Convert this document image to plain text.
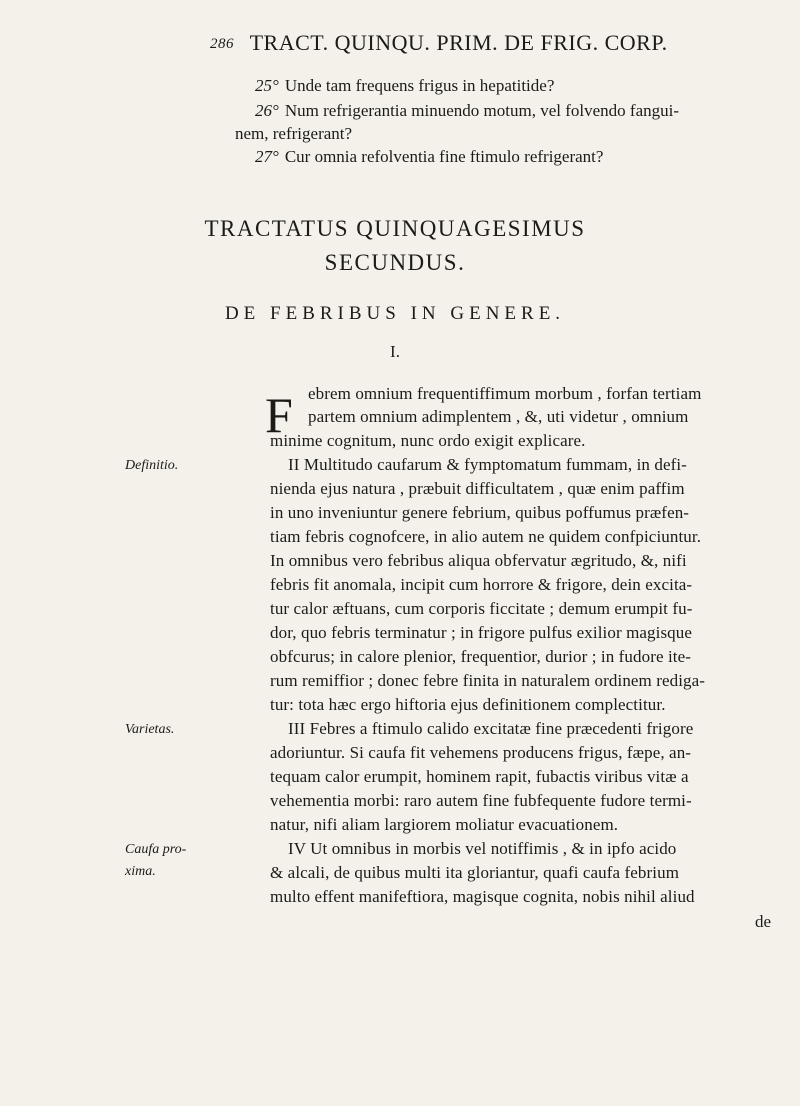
286 TRACT. QUINQU. PRIM. DE FRIG. CORP.
25° Unde tam frequens frigus in hepatitide?
26° Num refrigerantia minuendo motum, vel folvendo fangui-
nem, refrigerant?
27° Cur omnia refolventia fine ftimulo refrigerant?
TRACTATUS QUINQUAGESIMUS
SECUNDUS.
DE FEBRIBUS IN GENERE.
I.
F ebrem omnium frequentiffimum morbum , forfan tertiam
partem omnium adimplentem , &, uti videtur , omnium
minime cognitum, nunc ordo exigit explicare.
II Multitudo caufarum & fymptomatum fummam, in defi-
nienda ejus natura , præbuit difficultatem , quæ enim paffim
in uno inveniuntur genere febrium, quibus poffumus præfen-
tiam febris cognofcere, in alio autem ne quidem confpiciuntur.
In omnibus vero febribus aliqua obfervatur ægritudo, &, nifi
febris fit anomala, incipit cum horrore & frigore, dein excita-
tur calor æftuans, cum corporis ficcitate ; demum erumpit fu-
dor, quo febris terminatur ; in frigore pulfus exilior magisque
obfcurus; in calore plenior, frequentior, durior ; in fudore ite-
rum remiffior ; donec febre finita in naturalem ordinem rediga-
tur: tota hæc ergo hiftoria ejus definitionem complectitur.
III Febres a ftimulo calido excitatæ fine præcedenti frigore
adoriuntur. Si caufa fit vehemens producens frigus, fæpe, an-
tequam calor erumpit, hominem rapit, fubactis viribus vitæ a
vehementia morbi: raro autem fine fubfequente fudore termi-
natur, nifi aliam largiorem moliatur evacuationem.
IV Ut omnibus in morbis vel notiffimis , & in ipfo acido
& alcali, de quibus multi ita gloriantur, quafi caufa febrium
multo effent manifeftiora, magisque cognita, nobis nihil aliud
Definitio.
Varietas.
Caufa pro-
xima.
de
